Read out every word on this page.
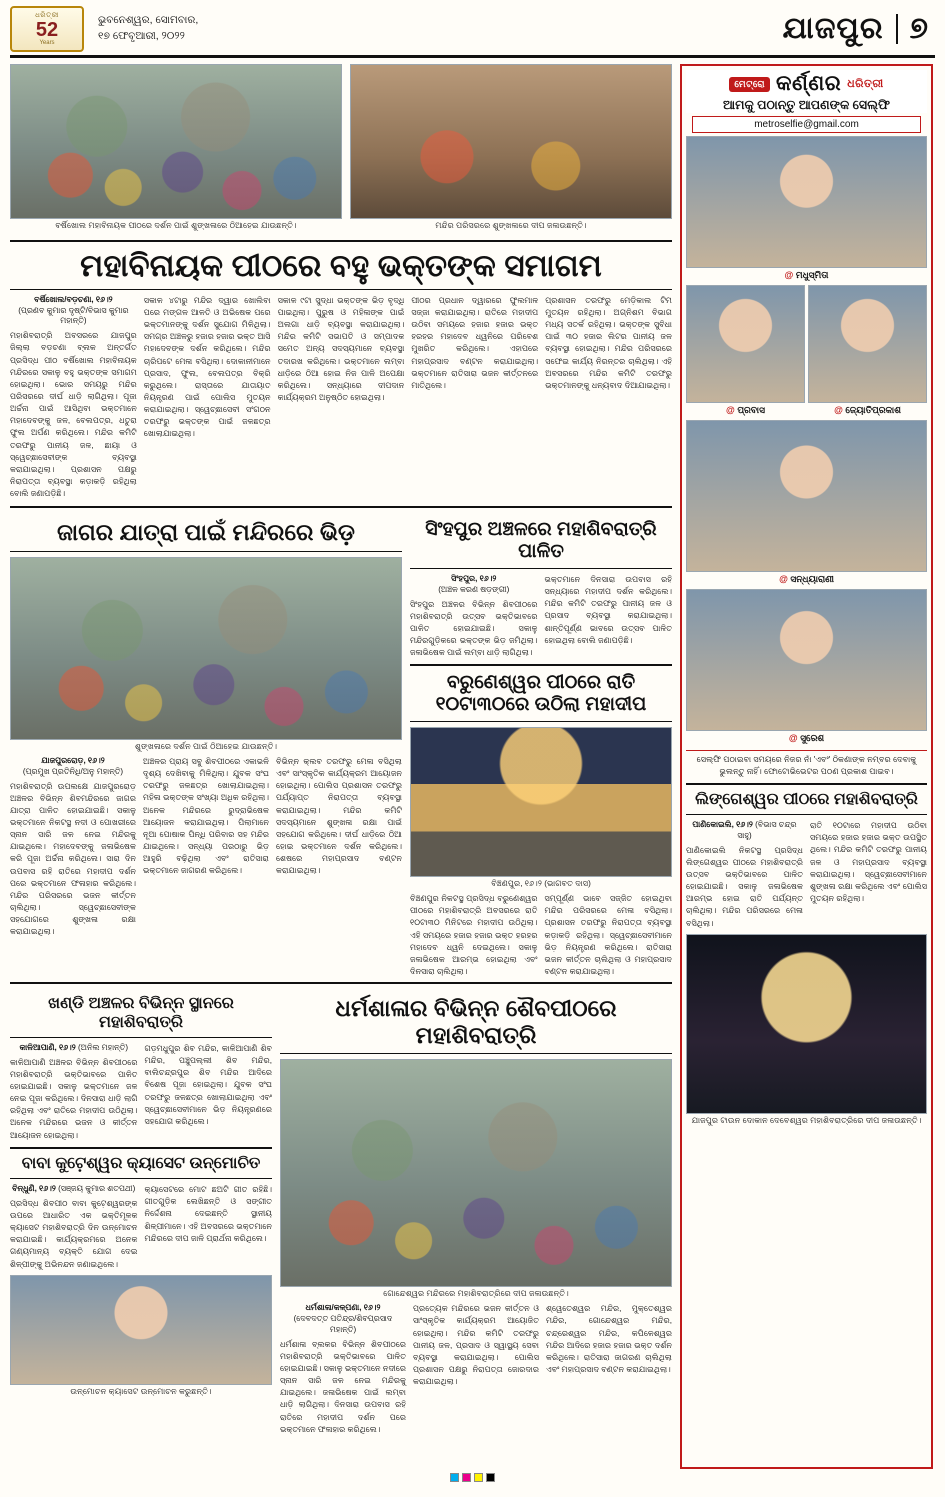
ଧରିତ୍ରୀ
52
Years
ଭୁବନେଶ୍ୱର, ସୋମବାର,
୧୭ ଫେବୃଆରୀ, ୨୦୨୨	ଯାଜପୁର ୭
ବର୍ଷିଖୋଲ ମହାବିନାୟକ ପୀଠରେ ଦର୍ଶନ ପାଇଁ ଶୁଙ୍ଖଳାରେ ଠିଆହେଇ ଯାଉଛନ୍ତି।	ମନ୍ଦିର ପରିସରରେ ଶୁଙ୍ଖଳାରେ ଦୀପ ଜଳାଉଛନ୍ତି।
ମହାବିନାୟକ ପୀଠରେ ବହୁ ଭକ୍ତଙ୍କ ସମାଗମ
ବର୍ଷିଖୋଲ/ବଡ଼ଚଣା, ୧୬।୨
(ପ୍ରଣବ କୁମାର ଦୃଷ୍ଟି/ବିଭାସ କୁମାର ମହାନ୍ତି)
ମହାଶିବରାତ୍ରି ଅବସରରେ ଯାଜପୁର ଜିଲ୍ଲା ବଡ଼ଚଣା ବ୍ଲକ ଅନ୍ତର୍ଗତ ପ୍ରସିଦ୍ଧ ପୀଠ ବର୍ଷିଖୋଲ ମହାବିନାୟକ ମନ୍ଦିରରେ ସକାଳୁ ବହୁ ଭକ୍ତଙ୍କ ସମାଗମ ହୋଇଥିଲା। ଭୋର ସମୟରୁ ମନ୍ଦିର ପରିସରରେ ଦୀର୍ଘ ଧାଡ଼ି ଲାଗିଥିଲା। ପୂଜା ଅର୍ଚ୍ଚନା ପାଇଁ ଆସିଥିବା ଭକ୍ତମାନେ ମହାଦେବଙ୍କୁ ଜଳ, ବେଲପତ୍ର, ଧତୁରା ଫୁଲ ଅର୍ପଣ କରିଥିଲେ। ମନ୍ଦିର କମିଟି ତରଫରୁ ପାନୀୟ ଜଳ, ଛାୟା ଓ ସ୍ୱେଚ୍ଛାସେବୀଙ୍କ ବ୍ୟବସ୍ଥା କରାଯାଇଥିଲା। ପ୍ରଶାସନ ପକ୍ଷରୁ ନିରାପତ୍ତା ବ୍ୟବସ୍ଥା କଡ଼ାକଡ଼ି ରହିଥିଲା ବୋଲି ଜଣାପଡ଼ିଛି।
ସକାଳ ୪ଟାରୁ ମନ୍ଦିର ଦ୍ୱାର ଖୋଲିବା ପରେ ମଙ୍ଗଳ ଆଳତି ଓ ଅଭିଷେକ ପରେ ଭକ୍ତମାନଙ୍କୁ ଦର୍ଶନ ସୁଯୋଗ ମିଳିଥିଲା। ସମଗ୍ର ଅଞ୍ଚଳରୁ ହଜାର ହଜାର ଭକ୍ତ ଆସି ମହାଦେବଙ୍କ ଦର୍ଶନ କରିଥିଲେ। ମନ୍ଦିର ଚାରିପଟେ ମେଳା ବସିଥିଲା। ଦୋକାନୀମାନେ ପ୍ରସାଦ, ଫୁଲ, ବେଲପତ୍ର ବିକ୍ରି କରୁଥିଲେ। ରାସ୍ତାରେ ଯାତାୟାତ ନିୟନ୍ତ୍ରଣ ପାଇଁ ପୋଲିସ ମୁତୟନ କରାଯାଇଥିଲା। ସ୍ୱେଚ୍ଛାସେବୀ ସଂଗଠନ ତରଫରୁ ଭକ୍ତଙ୍କ ପାଇଁ ଜଳଛତ୍ର ଖୋଲାଯାଇଥିଲା।
ସକାଳ ୯ଟା ସୁଦ୍ଧା ଭକ୍ତଙ୍କ ଭିଡ଼ ବୃଦ୍ଧି ପାଇଥିଲା। ପୁରୁଷ ଓ ମହିଳାଙ୍କ ପାଇଁ ଅଲଗା ଧାଡ଼ି ବ୍ୟବସ୍ଥା କରାଯାଇଥିଲା। ମନ୍ଦିର କମିଟି ସଭାପତି ଓ ସମ୍ପାଦକ ସମେତ ଅନ୍ୟ ସଦସ୍ୟମାନେ ବ୍ୟବସ୍ଥା ତଦାରଖ କରିଥିଲେ। ଭକ୍ତମାନେ ଲମ୍ବା ଧାଡ଼ିରେ ଠିଆ ହୋଇ ନିଜ ପାଳି ଅପେକ୍ଷା କରିଥିଲେ। ସନ୍ଧ୍ୟାରେ ଦୀପଦାନ କାର୍ଯ୍ୟକ୍ରମ ଅନୁଷ୍ଠିତ ହୋଇଥିଲା।
ପୀଠର ପ୍ରଧାନ ଦ୍ୱାରରେ ଫୁଲମାଳ ସଜ୍ଜା କରାଯାଇଥିଲା। ରାତିରେ ମହାଦୀପ ଉଠିବା ସମୟରେ ହଜାର ହଜାର ଭକ୍ତ ହରହର ମହାଦେବ ଧ୍ୱନିରେ ପରିବେଶ ମୁଖରିତ କରିଥିଲେ। ଏହାପରେ ମହାପ୍ରସାଦ ବଣ୍ଟନ କରାଯାଇଥିଲା। ଭକ୍ତମାନେ ରାତିସାରା ଭଜନ କୀର୍ତ୍ତନରେ ମାତିଥିଲେ।
ପ୍ରଶାସନ ତରଫରୁ ମେଡ଼ିକାଲ ଟିମ ମୁତୟନ ରହିଥିଲା। ଅଗ୍ନିଶମ ବିଭାଗ ମଧ୍ୟ ସତର୍କ ରହିଥିଲା। ଭକ୍ତଙ୍କ ସୁବିଧା ପାଇଁ ୩୦ ହଜାର ଲିଟର ପାନୀୟ ଜଳ ବ୍ୟବସ୍ଥା ହୋଇଥିଲା। ମନ୍ଦିର ପରିସରରେ ସଫେଇ କାର୍ଯ୍ୟ ନିରନ୍ତର ଚାଲିଥିଲା। ଏହି ଅବସରରେ ମନ୍ଦିର କମିଟି ତରଫରୁ ଭକ୍ତମାନଙ୍କୁ ଧନ୍ୟବାଦ ଦିଆଯାଇଥିଲା।
ଜାଗର ଯାତ୍ରା ପାଇଁ ମନ୍ଦିରରେ ଭିଡ଼
ଶୁଙ୍ଖଳାରେ ଦର୍ଶନ ପାଇଁ ଠିଆହେଇ ଯାଉଛନ୍ତି।
ଯାଜପୁରରୋଡ଼, ୧୬।୨
(ପ୍ରମୁଖ ପ୍ରତିନିଧି/ଅନୁ ମହାନ୍ତି)
ମହାଶିବରାତ୍ରି ଉପଲକ୍ଷେ ଯାଜପୁରରୋଡ଼ ଅଞ୍ଚଳର ବିଭିନ୍ନ ଶିବମନ୍ଦିରରେ ଜାଗର ଯାତ୍ରା ପାଳିତ ହୋଇଯାଇଛି। ସକାଳୁ ଭକ୍ତମାନେ ନିକଟସ୍ଥ ନଦୀ ଓ ପୋଖରୀରେ ସ୍ନାନ ସାରି ଜଳ ନେଇ ମନ୍ଦିରକୁ ଯାଇଥିଲେ। ମହାଦେବଙ୍କୁ ଜଳାଭିଷେକ କରି ପୂଜା ଅର୍ଚ୍ଚନା କରିଥିଲେ। ସାରା ଦିନ ଉପବାସ ରହି ରାତିରେ ମହାଦୀପ ଦର୍ଶନ ପରେ ଭକ୍ତମାନେ ଫଳାହାର କରିଥିଲେ। ମନ୍ଦିର ପରିସରରେ ଭଜନ କୀର୍ତ୍ତନ ଚାଲିଥିଲା। ସ୍ୱେଚ୍ଛାସେବୀଙ୍କ ସହଯୋଗରେ ଶୁଙ୍ଖଳା ରକ୍ଷା କରାଯାଇଥିଲା।
ଅଞ୍ଚଳର ପ୍ରାୟ ସବୁ ଶିବପୀଠରେ ଏକାଭଳି ଦୃଶ୍ୟ ଦେଖିବାକୁ ମିଳିଥିଲା। ଯୁବକ ସଂଘ ତରଫରୁ ଜଳଛତ୍ର ଖୋଲାଯାଇଥିଲା। ମହିଳା ଭକ୍ତଙ୍କ ସଂଖ୍ୟା ଅଧିକ ରହିଥିଲା। ଅନେକ ମନ୍ଦିରରେ ରୁଦ୍ରାଭିଷେକ ଆୟୋଜନ କରାଯାଇଥିଲା। ପିଲାମାନେ ନୂଆ ପୋଷାକ ପିନ୍ଧି ପରିବାର ସହ ମନ୍ଦିର ଯାଇଥିଲେ। ସନ୍ଧ୍ୟା ପରଠାରୁ ଭିଡ଼ ଆହୁରି ବଢ଼ିଥିଲା ଏବଂ ରାତିସାରା ଭକ୍ତମାନେ ଜାଗରଣ କରିଥିଲେ।
ବିଭିନ୍ନ କ୍ଲବ ତରଫରୁ ମେଳା ବସିଥିଲା ଏବଂ ସାଂସ୍କୃତିକ କାର୍ଯ୍ୟକ୍ରମ ଆୟୋଜନ ହୋଇଥିଲା। ପୋଲିସ ପ୍ରଶାସନ ତରଫରୁ ପର୍ଯ୍ୟାପ୍ତ ନିରାପତ୍ତା ବ୍ୟବସ୍ଥା କରାଯାଇଥିଲା। ମନ୍ଦିର କମିଟି ସଦସ୍ୟମାନେ ଶୁଙ୍ଖଳା ରକ୍ଷା ପାଇଁ ସହଯୋଗ କରିଥିଲେ। ଦୀର୍ଘ ଧାଡ଼ିରେ ଠିଆ ହୋଇ ଭକ୍ତମାନେ ଦର୍ଶନ କରିଥିଲେ। ଶେଷରେ ମହାପ୍ରସାଦ ବଣ୍ଟନ କରାଯାଇଥିଲା।
ସିଂହପୁର ଅଞ୍ଚଳରେ ମହାଶିବରାତ୍ରି ପାଳିତ
ସିଂହପୁର, ୧୬।୨
(ଅଞ୍ଚଳ କରଣ ଷଡ଼ଙ୍ଗୀ)
ସିଂହପୁର ଅଞ୍ଚଳର ବିଭିନ୍ନ ଶିବପୀଠରେ ମହାଶିବରାତ୍ରି ଉତ୍ସବ ଭକ୍ତିଭାବରେ ପାଳିତ ହୋଇଯାଇଛି। ସକାଳୁ ମନ୍ଦିରଗୁଡ଼ିକରେ ଭକ୍ତଙ୍କ ଭିଡ଼ ଜମିଥିଲା। ଜଳାଭିଷେକ ପାଇଁ ଲମ୍ବା ଧାଡ଼ି ଲାଗିଥିଲା।
ଭକ୍ତମାନେ ଦିନସାରା ଉପବାସ ରହି ସନ୍ଧ୍ୟାରେ ମହାଦୀପ ଦର୍ଶନ କରିଥିଲେ। ମନ୍ଦିର କମିଟି ତରଫରୁ ପାନୀୟ ଜଳ ଓ ପ୍ରସାଦ ବ୍ୟବସ୍ଥା କରାଯାଇଥିଲା। ଶାନ୍ତିପୂର୍ଣ୍ଣ ଭାବରେ ଉତ୍ସବ ପାଳିତ ହୋଇଥିଲା ବୋଲି ଜଣାପଡ଼ିଛି।
ବରୁଣେଶ୍ୱର ପୀଠରେ ରାତି ୧୦ଟା୩୦ରେ ଉଠିଲା ମହାଦୀପ
ବିଞ୍ଚଣପୁର, ୧୬।୨ (ଭାଗବତ ଦାସ)
ବିଞ୍ଚଣପୁର ନିକଟସ୍ଥ ପ୍ରସିଦ୍ଧ ବରୁଣେଶ୍ୱର ପୀଠରେ ମହାଶିବରାତ୍ରି ଅବସରରେ ରାତି ୧୦ଟା୩୦ ମିନିଟରେ ମହାଦୀପ ଉଠିଥିଲା। ଏହି ସମୟରେ ହଜାର ହଜାର ଭକ୍ତ ହରହର ମହାଦେବ ଧ୍ୱନି ଦେଇଥିଲେ। ସକାଳୁ ଜଳାଭିଷେକ ଆରମ୍ଭ ହୋଇଥିଲା ଏବଂ ଦିନସାରା ଚାଲିଥିଲା।
ସମ୍ପୂର୍ଣ୍ଣ ଭାବେ ସଜ୍ଜିତ ହୋଇଥିବା ମନ୍ଦିର ପରିସରରେ ମେଳା ବସିଥିଲା। ପ୍ରଶାସନ ତରଫରୁ ନିରାପତ୍ତା ବ୍ୟବସ୍ଥା କଡ଼ାକଡ଼ି ରହିଥିଲା। ସ୍ୱେଚ୍ଛାସେବୀମାନେ ଭିଡ଼ ନିୟନ୍ତ୍ରଣ କରିଥିଲେ। ରାତିସାରା ଭଜନ କୀର୍ତ୍ତନ ଚାଲିଥିଲା ଓ ମହାପ୍ରସାଦ ବଣ୍ଟନ କରାଯାଇଥିଲା।
ଖଣ୍ଡି ଅଞ୍ଚଳର ବିଭିନ୍ନ ସ୍ଥାନରେ ମହାଶିବରାତ୍ରି
କାଳିଆପାଣି, ୧୬।୨ (ଅନିଲ ମହାନ୍ତି)
କାଳିଆପାଣି ଅଞ୍ଚଳର ବିଭିନ୍ନ ଶିବପୀଠରେ ମହାଶିବରାତ୍ରି ଭକ୍ତିଭାବରେ ପାଳିତ ହୋଇଯାଇଛି। ସକାଳୁ ଭକ୍ତମାନେ ଜଳ ନେଇ ପୂଜା କରିଥିଲେ। ଦିନସାରା ଧାଡ଼ି ଲାଗି ରହିଥିଲା ଏବଂ ରାତିରେ ମହାଦୀପ ଉଠିଥିଲା। ଅନେକ ମନ୍ଦିରରେ ଭଜନ ଓ କୀର୍ତ୍ତନ ଆୟୋଜନ ହୋଇଥିଲା।
ଗଡ଼ମଧୁପୁର ଶିବ ମନ୍ଦିର, କାଳିଆପାଣି ଶିବ ମନ୍ଦିର, ପଞ୍ଚୁପଲ୍ଲୀ ଶିବ ମନ୍ଦିର, ବାଲିଚନ୍ଦ୍ରପୁର ଶିବ ମନ୍ଦିର ଆଦିରେ ବିଶେଷ ପୂଜା ହୋଇଥିଲା। ଯୁବକ ସଂଘ ତରଫରୁ ଜଳଛତ୍ର ଖୋଲାଯାଇଥିଲା ଏବଂ ସ୍ୱେଚ୍ଛାସେବୀମାନେ ଭିଡ଼ ନିୟନ୍ତ୍ରଣରେ ସହଯୋଗ କରିଥିଲେ।
ବାବା କୁଟ଼େଶ୍ୱର କ୍ୟାସେଟ ଉନ୍ମୋଚିତ
ବିନ୍ଧୁଣି, ୧୬।୨ (ସଞ୍ଜୟ କୁମାର ଶତପଥୀ)
ପ୍ରସିଦ୍ଧ ଶିବପୀଠ ବାବା କୁଟ଼େଶ୍ୱରଙ୍କ ଉପରେ ଆଧାରିତ ଏକ ଭକ୍ତିମୂଳକ କ୍ୟାସେଟ ମହାଶିବରାତ୍ରି ଦିନ ଉନ୍ମୋଚନ କରାଯାଇଛି। କାର୍ଯ୍ୟକ୍ରମରେ ଅନେକ ଗଣ୍ୟମାନ୍ୟ ବ୍ୟକ୍ତି ଯୋଗ ଦେଇ ଶିଳ୍ପୀଙ୍କୁ ଅଭିନନ୍ଦନ ଜଣାଇଥିଲେ।
କ୍ୟାସେଟରେ ମୋଟ ଛଅଟି ଗୀତ ରହିଛି। ଗୀତଗୁଡ଼ିକ ଲେଖିଛନ୍ତି ଓ ସଙ୍ଗୀତ ନିର୍ଦ୍ଦେଶନା ଦେଇଛନ୍ତି ସ୍ଥାନୀୟ ଶିଳ୍ପୀମାନେ। ଏହି ଅବସରରେ ଭକ୍ତମାନେ ମନ୍ଦିରରେ ଦୀପ ଜାଳି ପ୍ରାର୍ଥନା କରିଥିଲେ।
ଉନ୍ମୋଚନ କ୍ୟାସେଟ ଉନ୍ମୋଚନ କରୁଛନ୍ତି।
ଧର୍ମଶାଳାର ବିଭିନ୍ନ ଶୈବପୀଠରେ ମହାଶିବରାତ୍ରି
ଗୋନ୍ଦେଶ୍ୱର ମନ୍ଦିରରେ ମହାଶିବରାତ୍ରିରେ ଦୀପ ଜଳାଉଛନ୍ତି।
ଧର୍ମଶାଳା/କଳ୍ପଣା, ୧୬।୨
(ଦେବଦତ୍ତ ପତିନ୍ଦ୍ର/ଶିବପ୍ରସାଦ ମହାନ୍ତି)
ଧର୍ମଶାଳା ବ୍ଲକର ବିଭିନ୍ନ ଶିବପୀଠରେ ମହାଶିବରାତ୍ରି ଭକ୍ତିଭାବରେ ପାଳିତ ହୋଇଯାଇଛି। ସକାଳୁ ଭକ୍ତମାନେ ନଦୀରେ ସ୍ନାନ ସାରି ଜଳ ନେଇ ମନ୍ଦିରକୁ ଯାଇଥିଲେ। ଜଳାଭିଷେକ ପାଇଁ ଲମ୍ବା ଧାଡ଼ି ଲାଗିଥିଲା। ଦିନସାରା ଉପବାସ ରହି ରାତିରେ ମହାଦୀପ ଦର୍ଶନ ପରେ ଭକ୍ତମାନେ ଫଳାହାର କରିଥିଲେ।
ପ୍ରତ୍ୟେକ ମନ୍ଦିରରେ ଭଜନ କୀର୍ତ୍ତନ ଓ ସାଂସ୍କୃତିକ କାର୍ଯ୍ୟକ୍ରମ ଆୟୋଜିତ ହୋଇଥିଲା। ମନ୍ଦିର କମିଟି ତରଫରୁ ପାନୀୟ ଜଳ, ପ୍ରସାଦ ଓ ସ୍ୱାସ୍ଥ୍ୟ ସେବା ବ୍ୟବସ୍ଥା କରାଯାଇଥିଲା। ପୋଲିସ ପ୍ରଶାସନ ପକ୍ଷରୁ ନିରାପତ୍ତା ଜୋରଦାର କରାଯାଇଥିଲା।
ଶ୍ୱେତେଶ୍ୱର ମନ୍ଦିର, ମୁକ୍ତେଶ୍ୱର ମନ୍ଦିର, ଗୋନ୍ଦେଶ୍ୱର ମନ୍ଦିର, ଚନ୍ଦ୍ରେଶ୍ୱର ମନ୍ଦିର, କପିଳେଶ୍ୱର ମନ୍ଦିର ଆଦିରେ ହଜାର ହଜାର ଭକ୍ତ ଦର୍ଶନ କରିଥିଲେ। ରାତିସାରା ଜାଗରଣ ଚାଲିଥିଲା ଏବଂ ମହାପ୍ରସାଦ ବଣ୍ଟନ କରାଯାଇଥିଲା।
ମେଟ୍ରୋ କର୍ଣ୍ଣର ଧରିତ୍ରୀ
ଆମକୁ ପଠାନ୍ତୁ ଆପଣଙ୍କ ସେଲ୍‌ଫି
metroselfie@gmail.com
@ ମଧୁସ୍ମିତା
@ ପ୍ରବାସ	@ ଜ୍ୟୋତିପ୍ରକାଶ
@ ସନ୍ଧ୍ୟାରାଣୀ
@ ସୁରେଶ
ସେଲ୍‌ଫି ପଠାଇବା ସମୟରେ ନିଜର ନାଁ 'ଏବଂ' ଠିକଣାଙ୍କ ନମ୍ବର ଦେବାକୁ ଭୁଲନ୍ତୁ ନାହିଁ। ଫୋଟୋଭିଭେଟର ପଠଣ ପ୍ରକାଶ ପାଇବ।
ଲିଙ୍ଗେଶ୍ୱର ପୀଠରେ ମହାଶିବରାତ୍ରି
ପାଣିକୋଇଲି, ୧୬।୨ (ବିଭାସ ଚନ୍ଦ୍ର ସାହୁ)
ପାଣିକୋଇଲି ନିକଟସ୍ଥ ପ୍ରସିଦ୍ଧ ଲିଙ୍ଗେଶ୍ୱର ପୀଠରେ ମହାଶିବରାତ୍ରି ଉତ୍ସବ ଭକ୍ତିଭାବରେ ପାଳିତ ହୋଇଯାଇଛି। ସକାଳୁ ଜଳାଭିଷେକ ଆରମ୍ଭ ହୋଇ ରାତି ପର୍ଯ୍ୟନ୍ତ ଚାଲିଥିଲା। ମନ୍ଦିର ପରିସରରେ ମେଳା ବସିଥିଲା।
ରାତି ୧୦ଟାରେ ମହାଦୀପ ଉଠିବା ସମୟରେ ହଜାର ହଜାର ଭକ୍ତ ଉପସ୍ଥିତ ଥିଲେ। ମନ୍ଦିର କମିଟି ତରଫରୁ ପାନୀୟ ଜଳ ଓ ମହାପ୍ରସାଦ ବ୍ୟବସ୍ଥା କରାଯାଇଥିଲା। ସ୍ୱେଚ୍ଛାସେବୀମାନେ ଶୁଙ୍ଖଳା ରକ୍ଷା କରିଥିଲେ ଏବଂ ପୋଲିସ ମୁତୟନ ରହିଥିଲା।
ଯାଜପୁର ଟାଉନ ଦୋକାନ ଦେବେଶ୍ୱର ମହାଶିବରାତ୍ରିରେ ଦୀପ ଜଳାଉଛନ୍ତି।
